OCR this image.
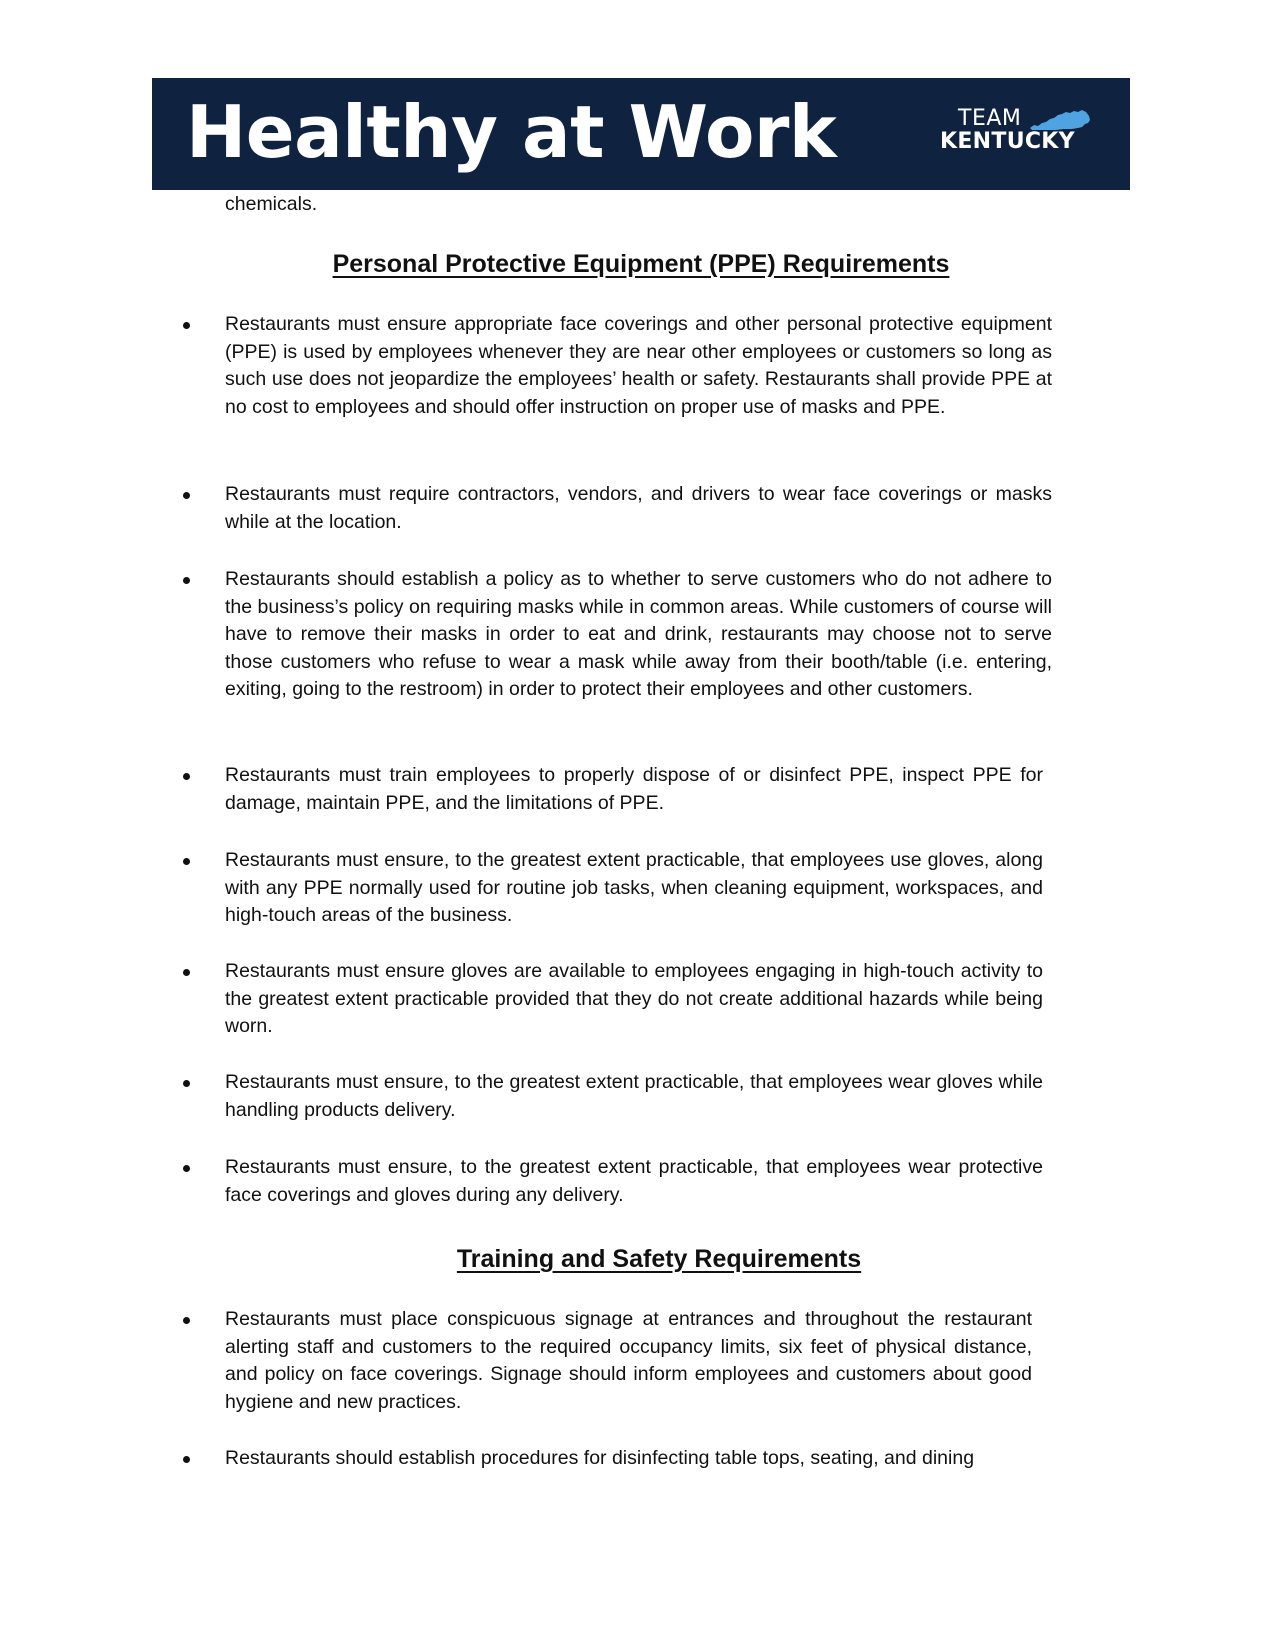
Healthy at Work	TEAM
KENTUCKY
chemicals.
Personal Protective Equipment (PPE) Requirements

Restaurants must ensure appropriate face coverings and other personal protective equipment (PPE) is used by employees whenever they are near other employees or customers so long as such use does not jeopardize the employees’ health or safety. Restaurants shall provide PPE at no cost to employees and should offer instruction on proper use of masks and PPE.

Restaurants must require contractors, vendors, and drivers to wear face coverings or masks while at the location.

Restaurants should establish a policy as to whether to serve customers who do not adhere to the business’s policy on requiring masks while in common areas. While customers of course will have to remove their masks in order to eat and drink, restaurants may choose not to serve those customers who refuse to wear a mask while away from their booth/table (i.e. entering, exiting, going to the restroom) in order to protect their employees and other customers.

Restaurants must train employees to properly dispose of or disinfect PPE, inspect PPE for damage, maintain PPE, and the limitations of PPE.

Restaurants must ensure, to the greatest extent practicable, that employees use gloves, along with any PPE normally used for routine job tasks, when cleaning equipment, workspaces, and high-touch areas of the business.

Restaurants must ensure gloves are available to employees engaging in high-touch activity to the greatest extent practicable provided that they do not create additional hazards while being worn.

Restaurants must ensure, to the greatest extent practicable, that employees wear gloves while handling products delivery.

Restaurants must ensure, to the greatest extent practicable, that employees wear protective face coverings and gloves during any delivery.

Training and Safety Requirements

Restaurants must place conspicuous signage at entrances and throughout the restaurant alerting staff and customers to the required occupancy limits, six feet of physical distance, and policy on face coverings. Signage should inform employees and customers about good hygiene and new practices.

Restaurants should establish procedures for disinfecting table tops, seating, and dining
